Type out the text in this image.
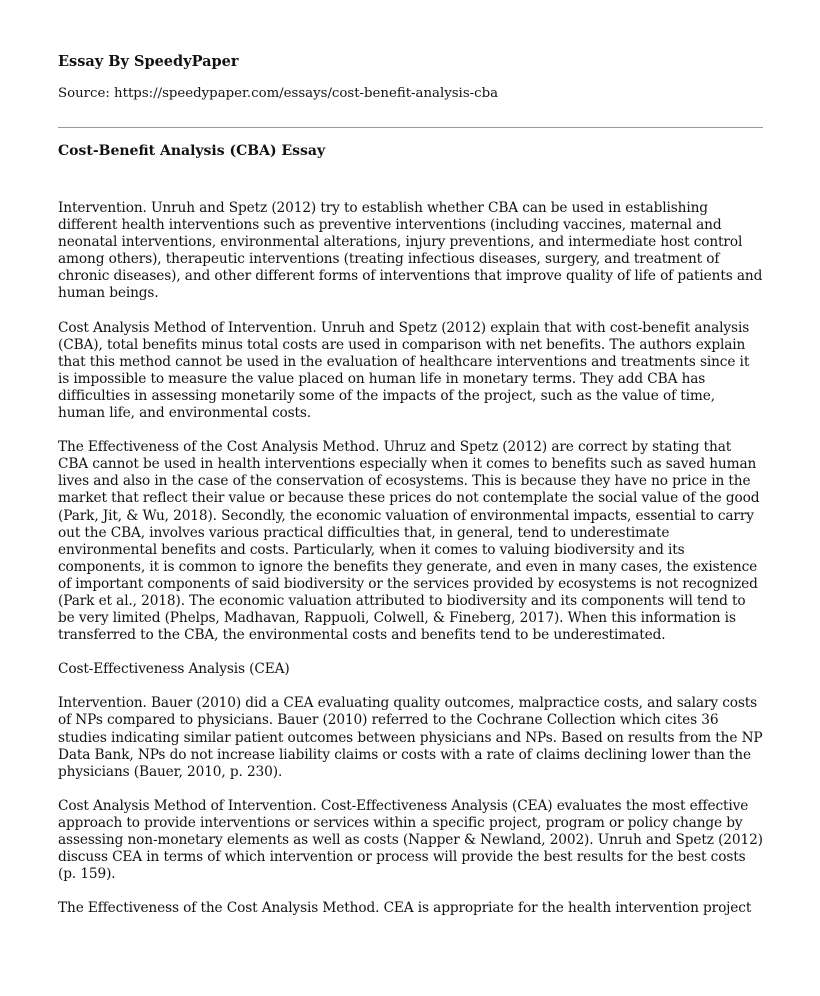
Essay By SpeedyPaper
Source: https://speedypaper.com/essays/cost-benefit-analysis-cba
Cost-Benefit Analysis (CBA) Essay

Intervention. Unruh and Spetz (2012) try to establish whether CBA can be used in establishing different health interventions such as preventive interventions (including vaccines, maternal and neonatal interventions, environmental alterations, injury preventions, and intermediate host control among others), therapeutic interventions (treating infectious diseases, surgery, and treatment of chronic diseases), and other different forms of interventions that improve quality of life of patients and human beings.

Cost Analysis Method of Intervention. Unruh and Spetz (2012) explain that with cost-benefit analysis (CBA), total benefits minus total costs are used in comparison with net benefits. The authors explain that this method cannot be used in the evaluation of healthcare interventions and treatments since it is impossible to measure the value placed on human life in monetary terms. They add CBA has difficulties in assessing monetarily some of the impacts of the project, such as the value of time, human life, and environmental costs.

The Effectiveness of the Cost Analysis Method. Uhruz and Spetz (2012) are correct by stating that CBA cannot be used in health interventions especially when it comes to benefits such as saved human lives and also in the case of the conservation of ecosystems. This is because they have no price in the market that reflect their value or because these prices do not contemplate the social value of the good (Park, Jit, & Wu, 2018). Secondly, the economic valuation of environmental impacts, essential to carry out the CBA, involves various practical difficulties that, in general, tend to underestimate environmental benefits and costs. Particularly, when it comes to valuing biodiversity and its components, it is common to ignore the benefits they generate, and even in many cases, the existence of important components of said biodiversity or the services provided by ecosystems is not recognized (Park et al., 2018). The economic valuation attributed to biodiversity and its components will tend to be very limited (Phelps, Madhavan, Rappuoli, Colwell, & Fineberg, 2017). When this information is transferred to the CBA, the environmental costs and benefits tend to be underestimated.

Cost-Effectiveness Analysis (CEA)

Intervention. Bauer (2010) did a CEA evaluating quality outcomes, malpractice costs, and salary costs of NPs compared to physicians. Bauer (2010) referred to the Cochrane Collection which cites 36 studies indicating similar patient outcomes between physicians and NPs. Based on results from the NP Data Bank, NPs do not increase liability claims or costs with a rate of claims declining lower than the physicians (Bauer, 2010, p. 230).

Cost Analysis Method of Intervention. Cost-Effectiveness Analysis (CEA) evaluates the most effective approach to provide interventions or services within a specific project, program or policy change by assessing non-monetary elements as well as costs (Napper & Newland, 2002). Unruh and Spetz (2012) discuss CEA in terms of which intervention or process will provide the best results for the best costs (p. 159).

The Effectiveness of the Cost Analysis Method. CEA is appropriate for the health intervention project
